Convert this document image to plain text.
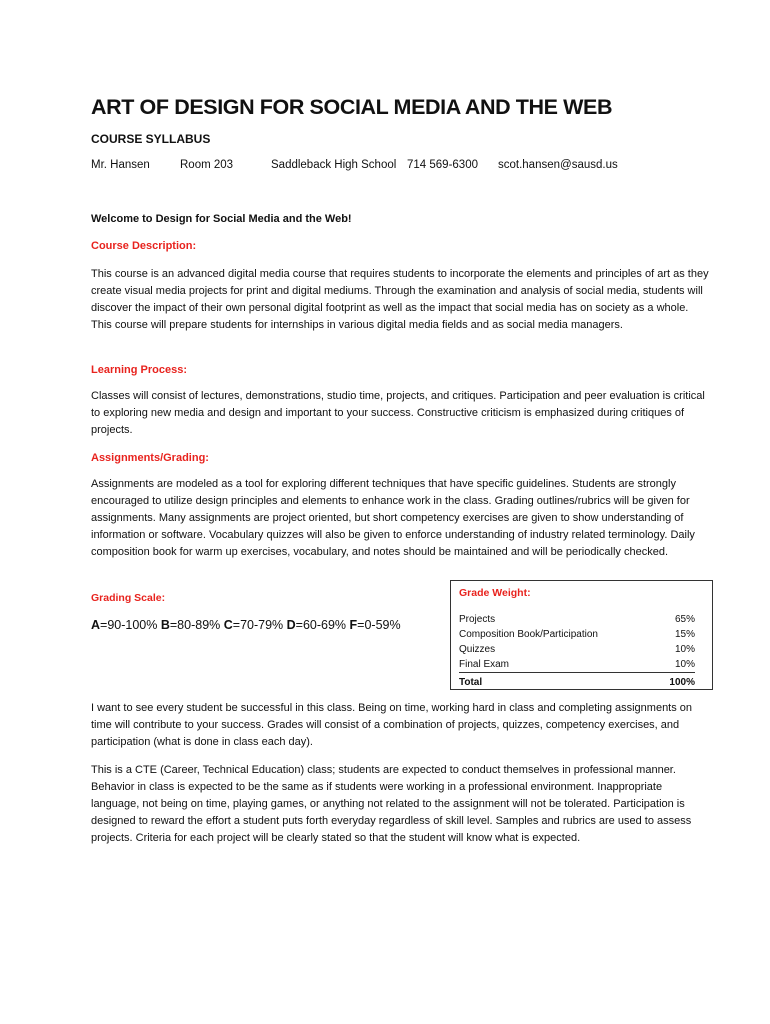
ART OF DESIGN FOR SOCIAL MEDIA AND THE WEB
COURSE SYLLABUS
Mr. Hansen	Room 203	Saddleback High School 714 569-6300 scot.hansen@sausd.us
Welcome to Design for Social Media and the Web!
Course Description:

This course is an advanced digital media course that requires students to incorporate the elements and principles of art as they create visual media projects for print and digital mediums. Through the examination and analysis of social media, students will discover the impact of their own personal digital footprint as well as the impact that social media has on society as a whole. This course will prepare students for internships in various digital media fields and as social media managers.

Learning Process:

Classes will consist of lectures, demonstrations, studio time, projects, and critiques. Participation and peer evaluation is critical to exploring new media and design and important to your success. Constructive criticism is emphasized during critiques of projects.

Assignments/Grading:

Assignments are modeled as a tool for exploring different techniques that have specific guidelines. Students are strongly encouraged to utilize design principles and elements to enhance work in the class. Grading outlines/rubrics will be given for assignments. Many assignments are project oriented, but short competency exercises are given to show understanding of information or software. Vocabulary quizzes will also be given to enforce understanding of industry related terminology. Daily composition book for warm up exercises, vocabulary, and notes should be maintained and will be periodically checked.

Grading Scale:
A=90-100% B=80-89% C=70-79% D=60-69% F=0-59%
Grade Weight:
Projects	65%
Composition Book/Participation	15%
Quizzes	10%
Final Exam	10%
Total	100%

I want to see every student be successful in this class. Being on time, working hard in class and completing assignments on time will contribute to your success. Grades will consist of a combination of projects, quizzes, competency exercises, and participation (what is done in class each day).

This is a CTE (Career, Technical Education) class; students are expected to conduct themselves in professional manner. Behavior in class is expected to be the same as if students were working in a professional environment. Inappropriate language, not being on time, playing games, or anything not related to the assignment will not be tolerated. Participation is designed to reward the effort a student puts forth everyday regardless of skill level. Samples and rubrics are used to assess projects. Criteria for each project will be clearly stated so that the student will know what is expected.
